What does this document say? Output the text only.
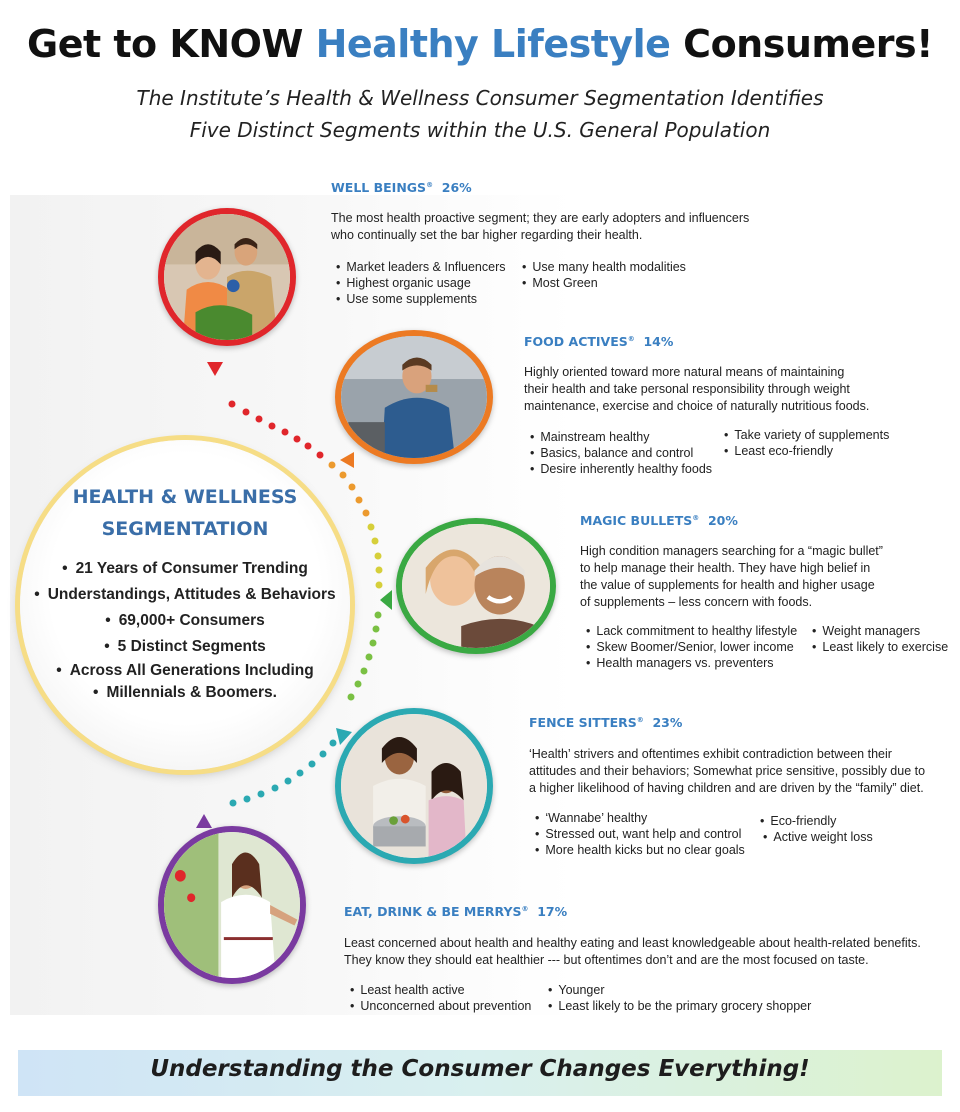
Get to KNOW Healthy Lifestyle Consumers!
The Institute’s Health & Wellness Consumer Segmentation Identifies
Five Distinct Segments within the U.S. General Population
HEALTH & WELLNESS
SEGMENTATION
• 21 Years of Consumer Trending
• Understandings, Attitudes & Behaviors
• 69,000+ Consumers
• 5 Distinct Segments
• Across All Generations Including
• Millennials & Boomers.
WELL BEINGS® 26%
The most health proactive segment; they are early adopters and influencers
who continually set the bar higher regarding their health.
• Market leaders & Influencers
• Highest organic usage
• Use some supplements
• Use many health modalities
• Most Green
FOOD ACTIVES® 14%
Highly oriented toward more natural means of maintaining
their health and take personal responsibility through weight
maintenance, exercise and choice of naturally nutritious foods.
• Mainstream healthy
• Basics, balance and control
• Desire inherently healthy foods
• Take variety of supplements
• Least eco-friendly
MAGIC BULLETS® 20%
High condition managers searching for a “magic bullet”
to help manage their health. They have high belief in
the value of supplements for health and higher usage
of supplements – less concern with foods.
• Lack commitment to healthy lifestyle
• Skew Boomer/Senior, lower income
• Health managers vs. preventers
• Weight managers
• Least likely to exercise
FENCE SITTERS® 23%
‘Health’ strivers and oftentimes exhibit contradiction between their
attitudes and their behaviors; Somewhat price sensitive, possibly due to
a higher likelihood of having children and are driven by the “family” diet.
• ‘Wannabe’ healthy
• Stressed out, want help and control
• More health kicks but no clear goals
• Eco-friendly
• Active weight loss
EAT, DRINK & BE MERRYS® 17%
Least concerned about health and healthy eating and least knowledgeable about health-related benefits.
They know they should eat healthier --- but oftentimes don’t and are the most focused on taste.
• Least health active
• Unconcerned about prevention
• Younger
• Least likely to be the primary grocery shopper
Understanding the Consumer Changes Everything!
